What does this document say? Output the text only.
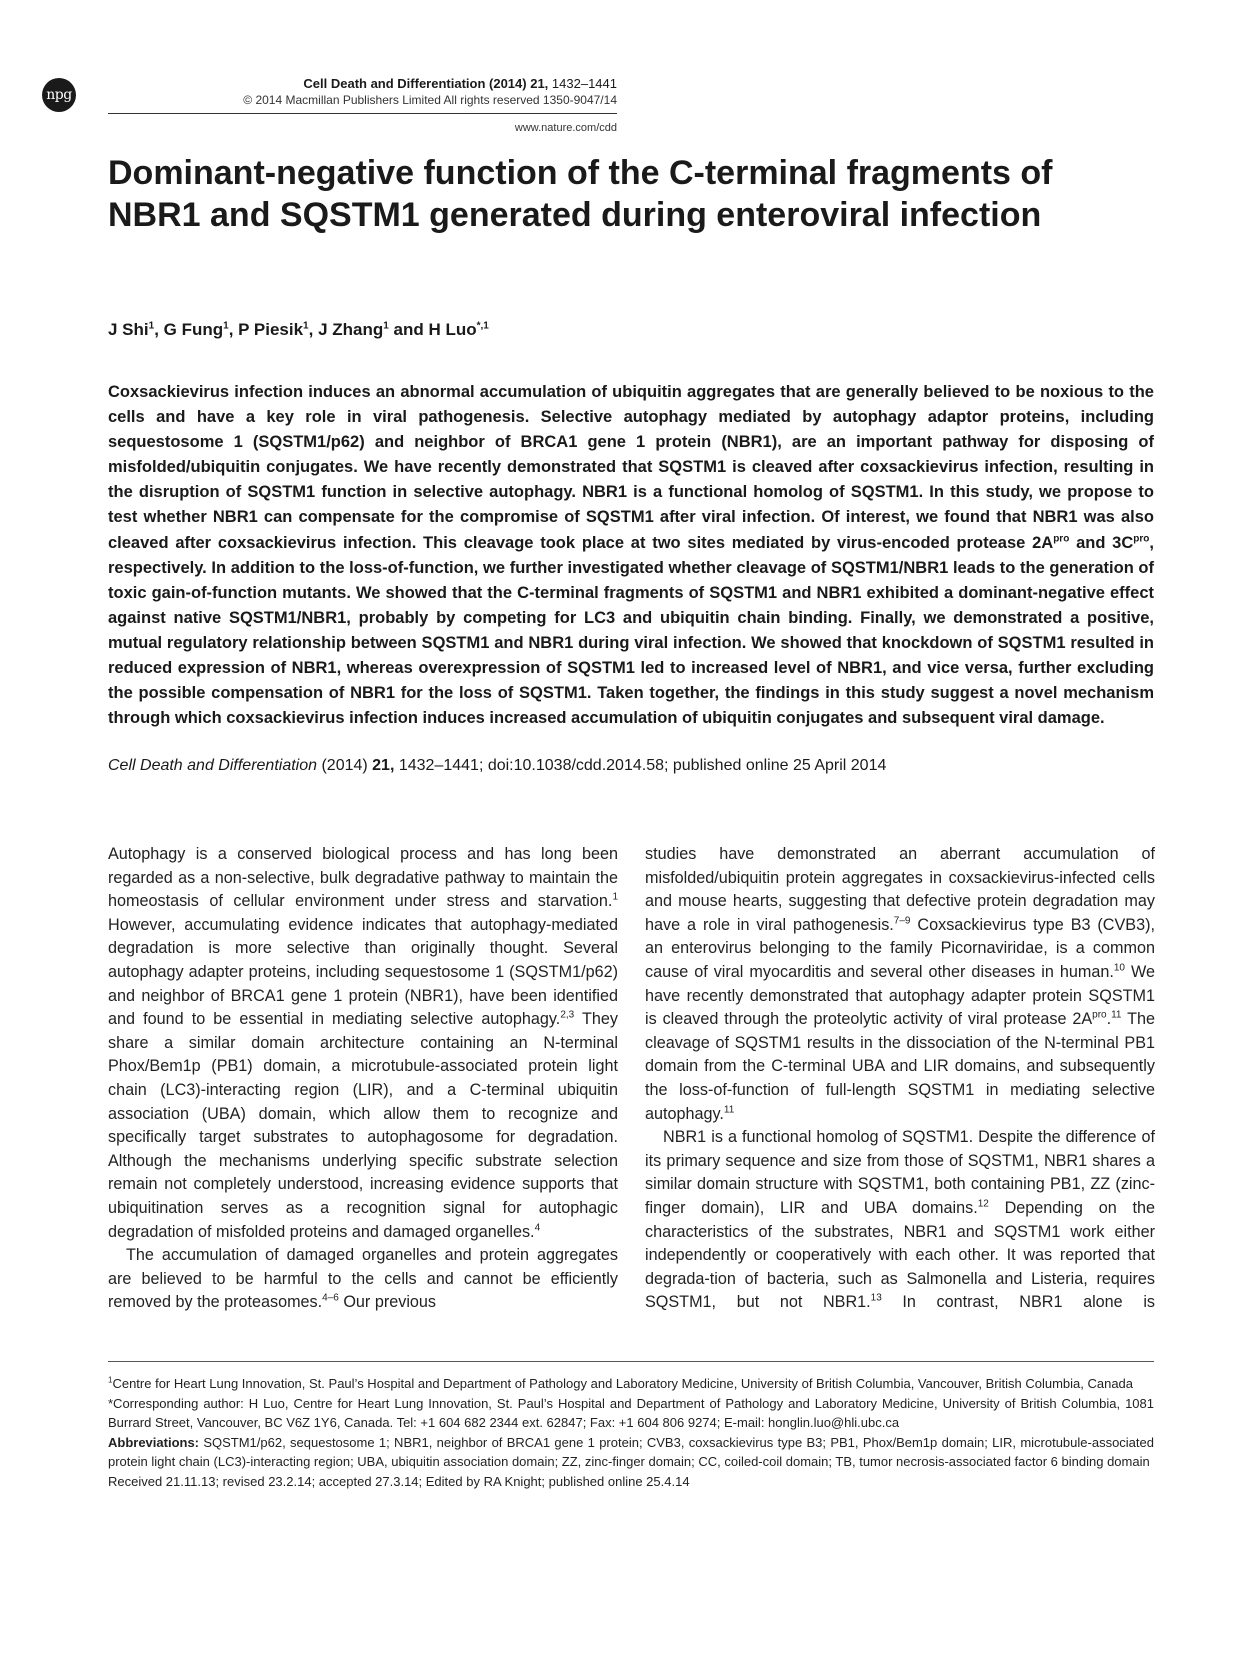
npg
Cell Death and Differentiation (2014) 21, 1432–1441
© 2014 Macmillan Publishers Limited All rights reserved 1350-9047/14
www.nature.com/cdd
Dominant-negative function of the C-terminal fragments of NBR1 and SQSTM1 generated during enteroviral infection
J Shi$^1$, G Fung$^1$, P Piesik$^1$, J Zhang$^1$ and H Luo$^{*,1}$
Coxsackievirus infection induces an abnormal accumulation of ubiquitin aggregates that are generally believed to be noxious to the cells and have a key role in viral pathogenesis. Selective autophagy mediated by autophagy adaptor proteins, including sequestosome 1 (SQSTM1/p62) and neighbor of BRCA1 gene 1 protein (NBR1), are an important pathway for disposing of misfolded/ubiquitin conjugates. We have recently demonstrated that SQSTM1 is cleaved after coxsackievirus infection, resulting in the disruption of SQSTM1 function in selective autophagy. NBR1 is a functional homolog of SQSTM1. In this study, we propose to test whether NBR1 can compensate for the compromise of SQSTM1 after viral infection. Of interest, we found that NBR1 was also cleaved after coxsackievirus infection. This cleavage took place at two sites mediated by virus-encoded protease $2A^{pro}$ and $3C^{pro}$, respectively. In addition to the loss-of-function, we further investigated whether cleavage of SQSTM1/NBR1 leads to the generation of toxic gain-of-function mutants. We showed that the C-terminal fragments of SQSTM1 and NBR1 exhibited a dominant-negative effect against native SQSTM1/NBR1, probably by competing for LC3 and ubiquitin chain binding. Finally, we demonstrated a positive, mutual regulatory relationship between SQSTM1 and NBR1 during viral infection. We showed that knockdown of SQSTM1 resulted in reduced expression of NBR1, whereas overexpression of SQSTM1 led to increased level of NBR1, and vice versa, further excluding the possible compensation of NBR1 for the loss of SQSTM1. Taken together, the findings in this study suggest a novel mechanism through which coxsackievirus infection induces increased accumulation of ubiquitin conjugates and subsequent viral damage.
Cell Death and Differentiation (2014) 21, 1432–1441; doi:10.1038/cdd.2014.58; published online 25 April 2014

Autophagy is a conserved biological process and has long been regarded as a non-selective, bulk degradative pathway to maintain the homeostasis of cellular environment under stress and starvation.$^1$ However, accumulating evidence indicates that autophagy-mediated degradation is more selective than originally thought. Several autophagy adapter proteins, including sequestosome 1 (SQSTM1/p62) and neighbor of BRCA1 gene 1 protein (NBR1), have been identified and found to be essential in mediating selective autophagy.$^{2,3}$ They share a similar domain architecture containing an N-terminal Phox/Bem1p (PB1) domain, a microtubule-associated protein light chain (LC3)-interacting region (LIR), and a C-terminal ubiquitin association (UBA) domain, which allow them to recognize and specifically target substrates to autophagosome for degradation. Although the mechanisms underlying specific substrate selection remain not completely understood, increasing evidence supports that ubiquitination serves as a recognition signal for autophagic degradation of misfolded proteins and damaged organelles.$^4$

The accumulation of damaged organelles and protein aggregates are believed to be harmful to the cells and cannot be efficiently removed by the proteasomes.$^{4-6}$ Our previous

studies have demonstrated an aberrant accumulation of misfolded/ubiquitin protein aggregates in coxsackievirus-infected cells and mouse hearts, suggesting that defective protein degradation may have a role in viral pathogenesis.$^{7-9}$ Coxsackievirus type B3 (CVB3), an enterovirus belonging to the family Picornaviridae, is a common cause of viral myocarditis and several other diseases in human.$^{10}$ We have recently demonstrated that autophagy adapter protein SQSTM1 is cleaved through the proteolytic activity of viral protease $2A^{pro}.^{11}$ The cleavage of SQSTM1 results in the dissociation of the N-terminal PB1 domain from the C-terminal UBA and LIR domains, and subsequently the loss-of-function of full-length SQSTM1 in mediating selective autophagy.$^{11}$

NBR1 is a functional homolog of SQSTM1. Despite the difference of its primary sequence and size from those of SQSTM1, NBR1 shares a similar domain structure with SQSTM1, both containing PB1, ZZ (zinc-finger domain), LIR and UBA domains.$^{12}$ Depending on the characteristics of the substrates, NBR1 and SQSTM1 work either independently or cooperatively with each other. It was reported that degrada-tion of bacteria, such as Salmonella and Listeria, requires SQSTM1, but not NBR1.13 In contrast, NBR1 alone is

$^1$Centre for Heart Lung Innovation, St. Paul’s Hospital and Department of Pathology and Laboratory Medicine, University of British Columbia, Vancouver, British Columbia, Canada

*Corresponding author: H Luo, Centre for Heart Lung Innovation, St. Paul’s Hospital and Department of Pathology and Laboratory Medicine, University of British Columbia, 1081 Burrard Street, Vancouver, BC V6Z 1Y6, Canada. Tel: +1 604 682 2344 ext. 62847; Fax: +1 604 806 9274; E-mail: honglin.luo@hli.ubc.ca

Abbreviations: SQSTM1/p62, sequestosome 1; NBR1, neighbor of BRCA1 gene 1 protein; CVB3, coxsackievirus type B3; PB1, Phox/Bem1p domain; LIR, microtubule-associated protein light chain (LC3)-interacting region; UBA, ubiquitin association domain; ZZ, zinc-finger domain; CC, coiled-coil domain; TB, tumor necrosis-associated factor 6 binding domain

Received 21.11.13; revised 23.2.14; accepted 27.3.14; Edited by RA Knight; published online 25.4.14
